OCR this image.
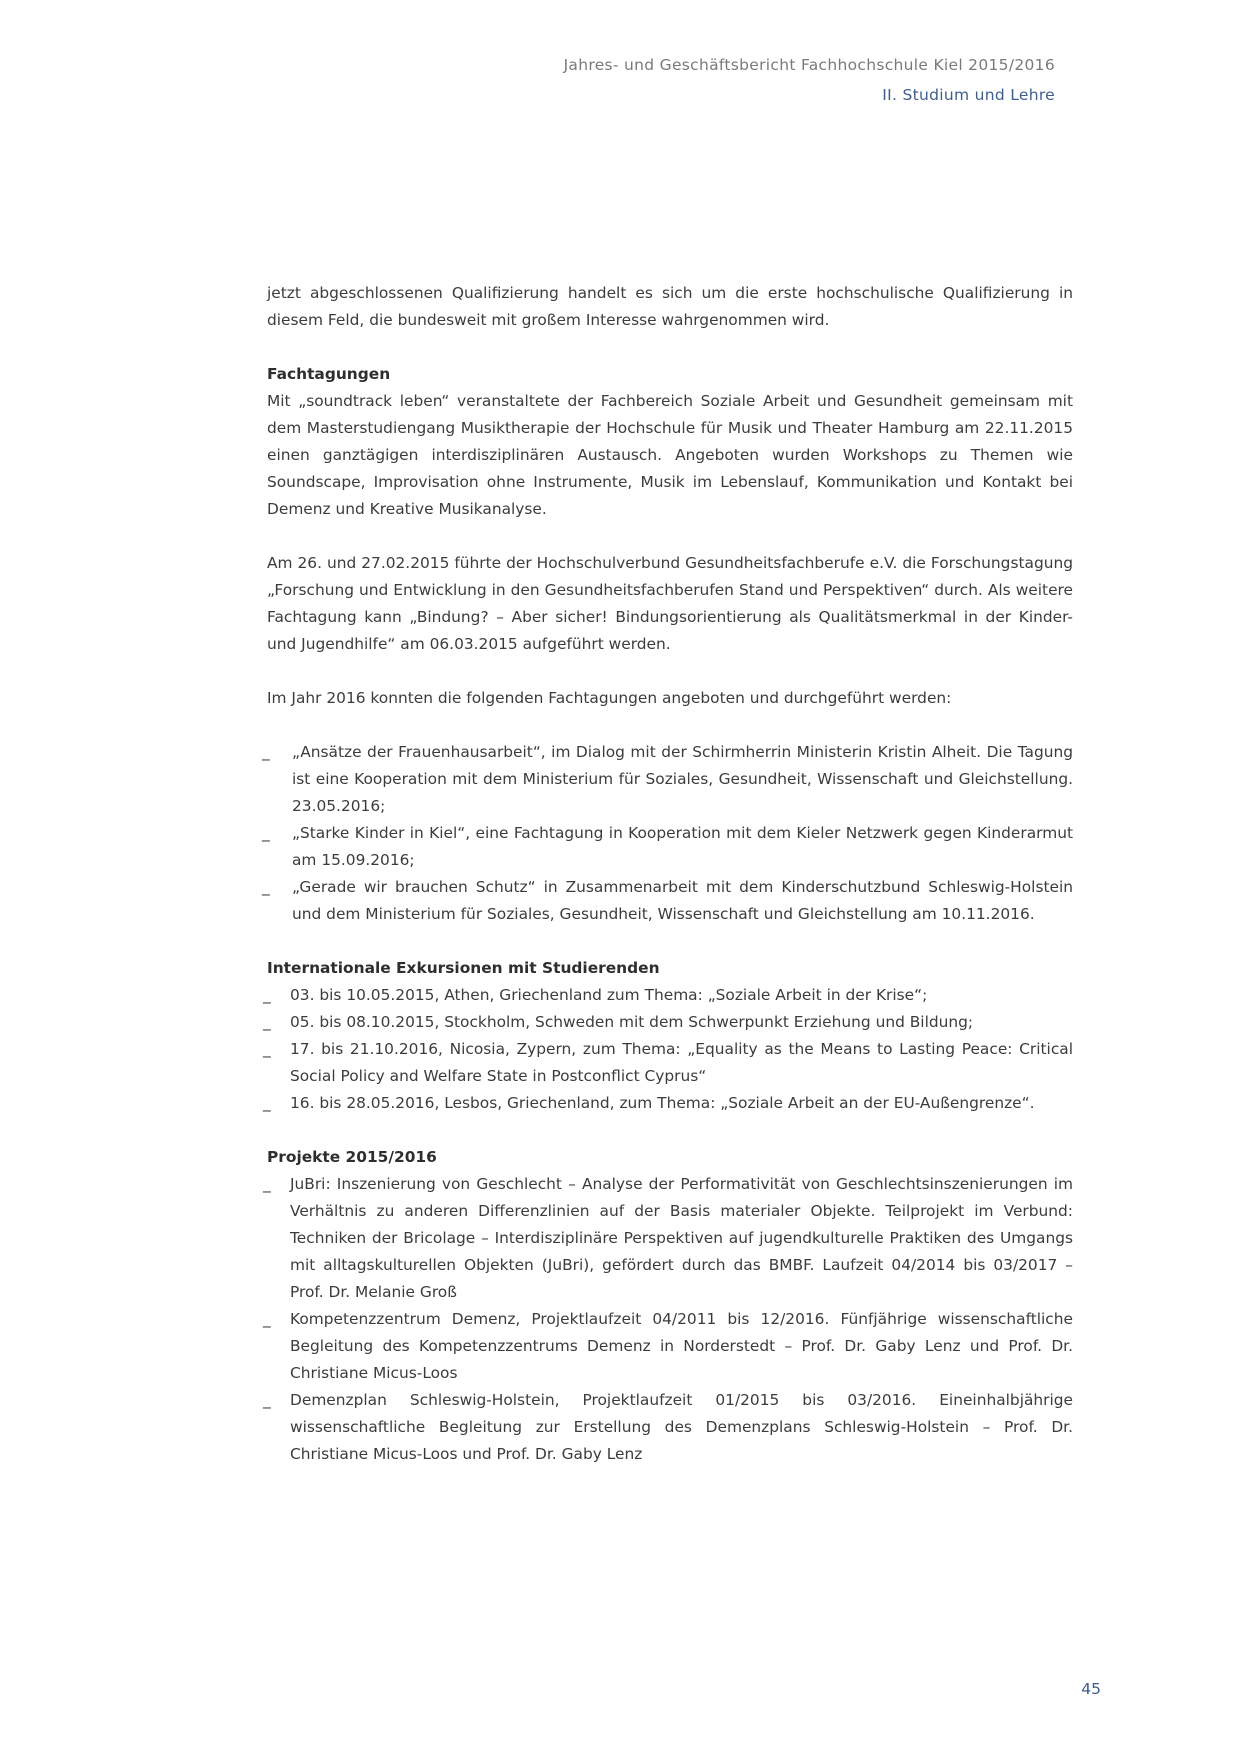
Jahres- und Geschäftsbericht Fachhochschule Kiel 2015/2016
II. Studium und Lehre

jetzt abgeschlossenen Qualifizierung handelt es sich um die erste hochschulische Qualifizierung in diesem Feld, die bundesweit mit großem Interesse wahrgenommen wird.

Fachtagungen

Mit „soundtrack leben“ veranstaltete der Fachbereich Soziale Arbeit und Gesundheit gemeinsam mit dem Masterstudiengang Musiktherapie der Hochschule für Musik und Theater Hamburg am 22.11.2015 einen ganztägigen interdisziplinären Austausch. Angeboten wurden Workshops zu Themen wie Soundscape, Improvisation ohne Instrumente, Musik im Lebenslauf, Kommunikation und Kontakt bei Demenz und Kreative Musikanalyse.

Am 26. und 27.02.2015 führte der Hochschulverbund Gesundheitsfachberufe e.V. die Forschungstagung „Forschung und Entwicklung in den Gesundheitsfachberufen Stand und Perspektiven“ durch. Als weitere Fachtagung kann „Bindung? – Aber sicher! Bindungsorientierung als Qualitätsmerkmal in der Kinder- und Jugendhilfe“ am 06.03.2015 aufgeführt werden.

Im Jahr 2016 konnten die folgenden Fachtagungen angeboten und durchgeführt werden:

_ „Ansätze der Frauenhausarbeit“, im Dialog mit der Schirmherrin Ministerin Kristin Alheit. Die Tagung ist eine Kooperation mit dem Ministerium für Soziales, Gesundheit, Wissenschaft und Gleichstellung. 23.05.2016;
_ „Starke Kinder in Kiel“, eine Fachtagung in Kooperation mit dem Kieler Netzwerk gegen Kinderarmut am 15.09.2016;
_ „Gerade wir brauchen Schutz“ in Zusammenarbeit mit dem Kinderschutzbund Schleswig-Holstein und dem Ministerium für Soziales, Gesundheit, Wissenschaft und Gleichstellung am 10.11.2016.

Internationale Exkursionen mit Studierenden

_ 03. bis 10.05.2015, Athen, Griechenland zum Thema: „Soziale Arbeit in der Krise“;
_ 05. bis 08.10.2015, Stockholm, Schweden mit dem Schwerpunkt Erziehung und Bildung;
_ 17. bis 21.10.2016, Nicosia, Zypern, zum Thema: „Equality as the Means to Lasting Peace: Critical Social Policy and Welfare State in Postconflict Cyprus“
_ 16. bis 28.05.2016, Lesbos, Griechenland, zum Thema: „Soziale Arbeit an der EU-Außengrenze“.

Projekte 2015/2016

_ JuBri: Inszenierung von Geschlecht – Analyse der Performativität von Geschlechtsinszenierungen im Verhältnis zu anderen Differenzlinien auf der Basis materialer Objekte. Teilprojekt im Verbund: Techniken der Bricolage – Interdisziplinäre Perspektiven auf jugendkulturelle Praktiken des Umgangs mit alltagskulturellen Objekten (JuBri), gefördert durch das BMBF. Laufzeit 04/2014 bis 03/2017 – Prof. Dr. Melanie Groß
_ Kompetenzzentrum Demenz, Projektlaufzeit 04/2011 bis 12/2016. Fünfjährige wissenschaftliche Begleitung des Kompetenzzentrums Demenz in Norderstedt – Prof. Dr. Gaby Lenz und Prof. Dr. Christiane Micus-Loos
_ Demenzplan Schleswig-Holstein, Projektlaufzeit 01/2015 bis 03/2016. Eineinhalbjährige wissenschaftliche Begleitung zur Erstellung des Demenzplans Schleswig-Holstein – Prof. Dr. Christiane Micus-Loos und Prof. Dr. Gaby Lenz
45
